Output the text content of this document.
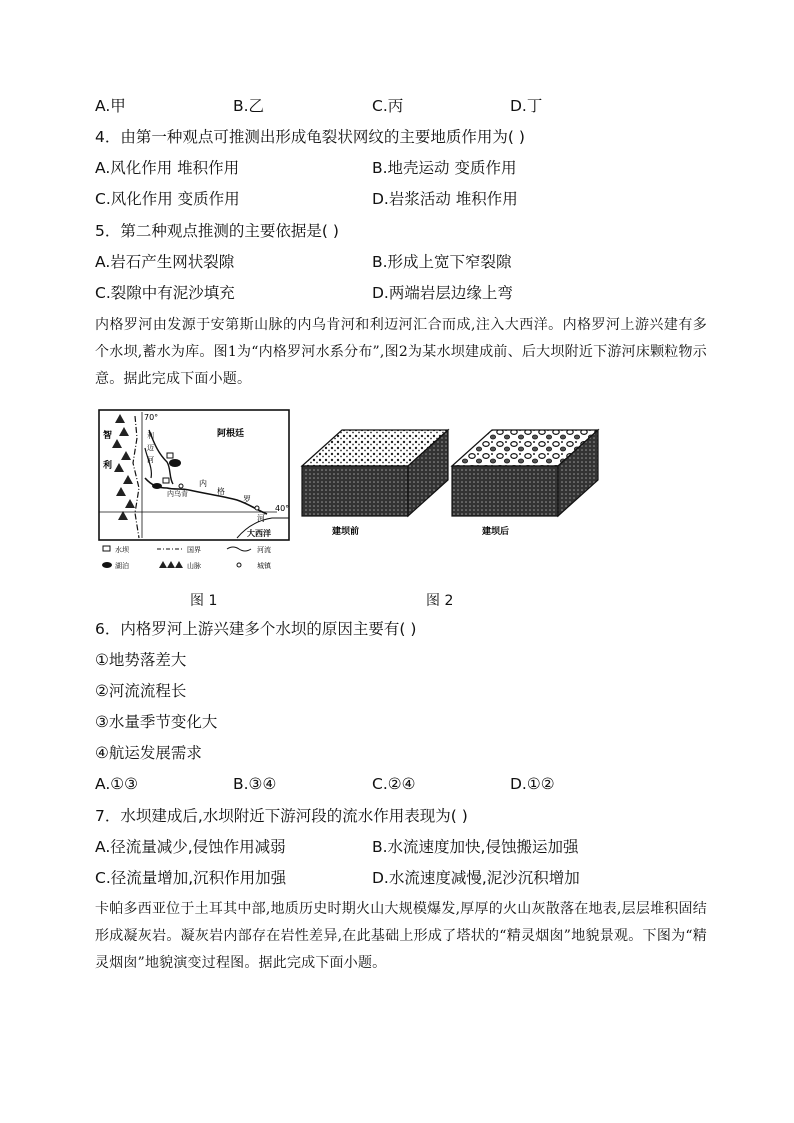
A.甲	B.乙	C.丙	D.丁
4．由第一种观点可推测出形成龟裂状网纹的主要地质作用为( )
A.风化作用 堆积作用	B.地壳运动 变质作用
C.风化作用 变质作用	D.岩浆活动 堆积作用
5．第二种观点推测的主要依据是( )
A.岩石产生网状裂隙	B.形成上宽下窄裂隙
C.裂隙中有泥沙填充	D.两端岩层边缘上弯
内格罗河由发源于安第斯山脉的内乌肯河和利迈河汇合而成,注入大西洋。内格罗河上游兴建有多个水坝,蓄水为库。图1为“内格罗河水系分布”,图2为某水坝建成前、后大坝附近下游河床颗粒物示意。据此完成下面小题。
70°
40°
智
利
阿根廷
利
迈
河
内乌肯
内
格
罗
河
大西洋
水坝	国界	河流
湖泊	山脉	城镇
图 1
建坝前	建坝后
图 2
6．内格罗河上游兴建多个水坝的原因主要有( )
①地势落差大
②河流流程长
③水量季节变化大
④航运发展需求
A.①③	B.③④	C.②④	D.①②
7．水坝建成后,水坝附近下游河段的流水作用表现为( )
A.径流量减少,侵蚀作用减弱	B.水流速度加快,侵蚀搬运加强
C.径流量增加,沉积作用加强	D.水流速度减慢,泥沙沉积增加
卡帕多西亚位于土耳其中部,地质历史时期火山大规模爆发,厚厚的火山灰散落在地表,层层堆积固结形成凝灰岩。凝灰岩内部存在岩性差异,在此基础上形成了塔状的“精灵烟囱”地貌景观。下图为“精灵烟囱”地貌演变过程图。据此完成下面小题。
